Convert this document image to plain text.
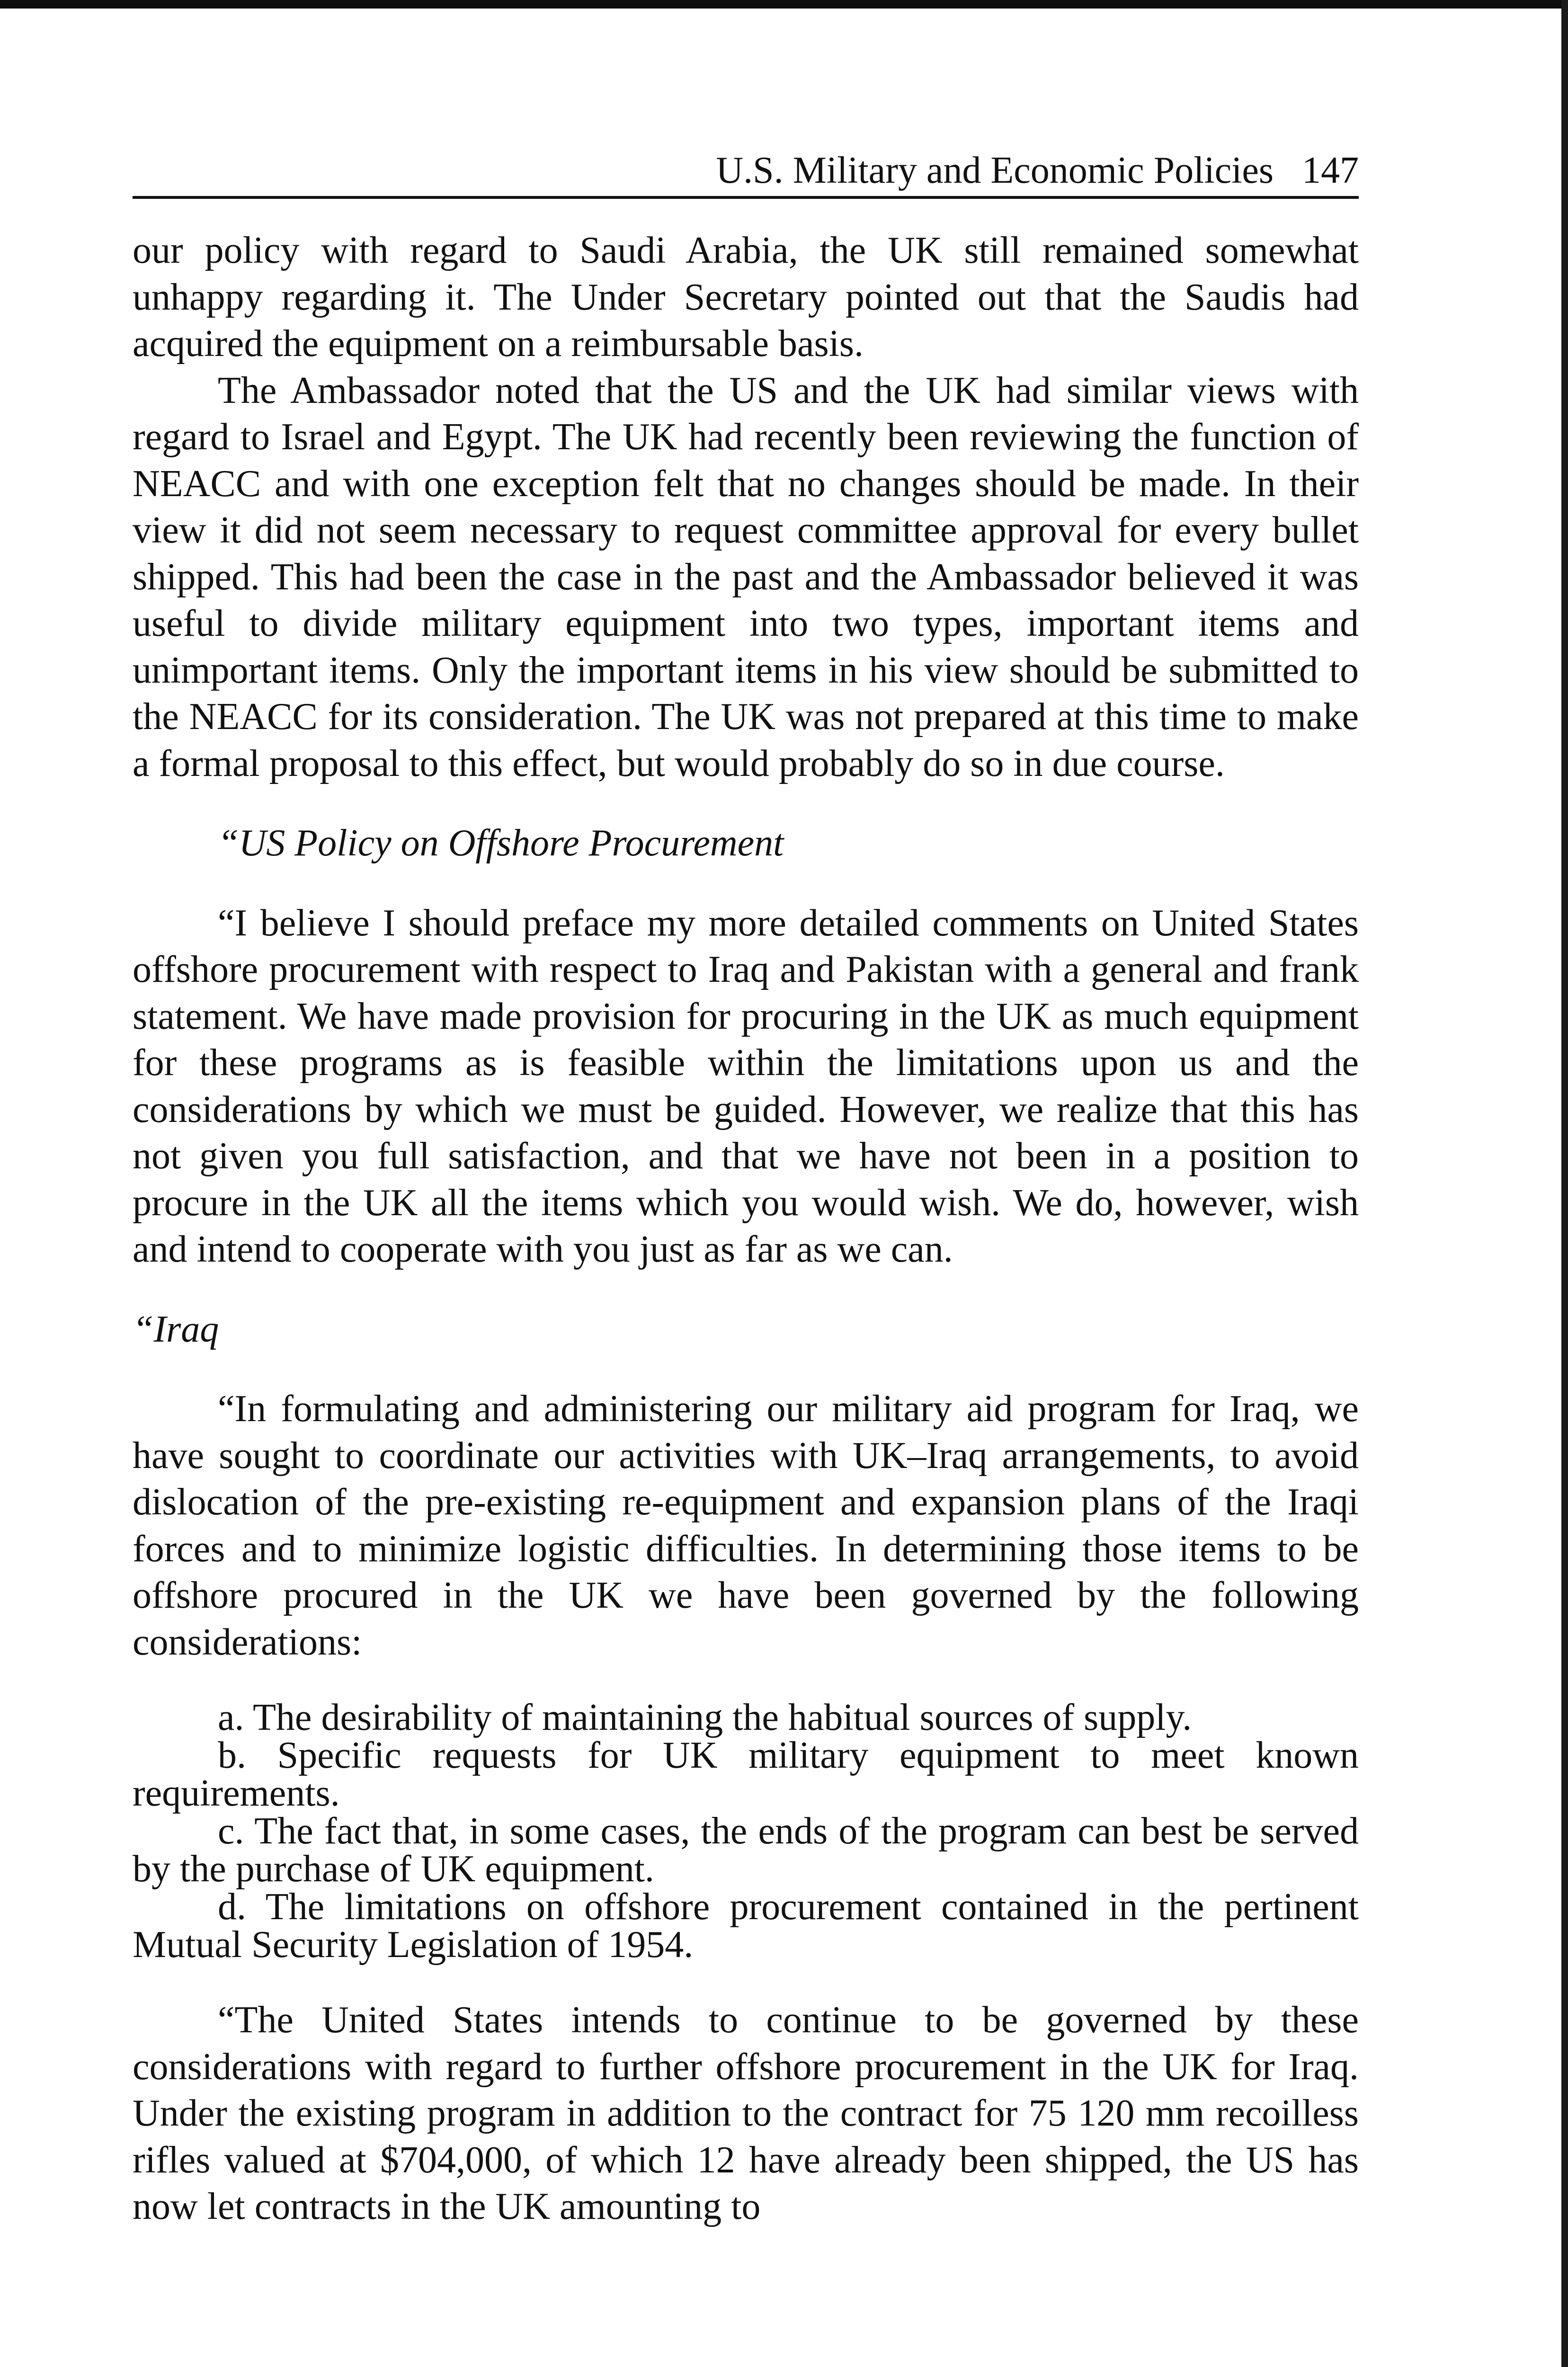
U.S. Military and Economic Policies 147

our policy with regard to Saudi Arabia, the UK still remained somewhat unhappy regarding it. The Under Secretary pointed out that the Saudis had acquired the equipment on a reimbursable basis.

The Ambassador noted that the US and the UK had similar views with regard to Israel and Egypt. The UK had recently been reviewing the function of NEACC and with one exception felt that no changes should be made. In their view it did not seem necessary to request committee approval for every bullet shipped. This had been the case in the past and the Ambassador believed it was useful to divide military equipment into two types, important items and unimportant items. Only the important items in his view should be submitted to the NEACC for its consideration. The UK was not prepared at this time to make a formal proposal to this effect, but would probably do so in due course.

“US Policy on Offshore Procurement

“I believe I should preface my more detailed comments on United States offshore procurement with respect to Iraq and Pakistan with a general and frank statement. We have made provision for procuring in the UK as much equipment for these programs as is feasible within the limitations upon us and the considerations by which we must be guided. However, we realize that this has not given you full satisfaction, and that we have not been in a position to procure in the UK all the items which you would wish. We do, however, wish and intend to cooperate with you just as far as we can.

“Iraq

“In formulating and administering our military aid program for Iraq, we have sought to coordinate our activities with UK–Iraq arrangements, to avoid dislocation of the pre-existing re-equipment and expansion plans of the Iraqi forces and to minimize logistic difficulties. In determining those items to be offshore procured in the UK we have been governed by the following considerations:

a. The desirability of maintaining the habitual sources of supply.

b. Specific requests for UK military equipment to meet known requirements.

c. The fact that, in some cases, the ends of the program can best be served by the purchase of UK equipment.

d. The limitations on offshore procurement contained in the pertinent Mutual Security Legislation of 1954.

“The United States intends to continue to be governed by these considerations with regard to further offshore procurement in the UK for Iraq. Under the existing program in addition to the contract for 75 120 mm recoilless rifles valued at $704,000, of which 12 have already been shipped, the US has now let contracts in the UK amounting to
